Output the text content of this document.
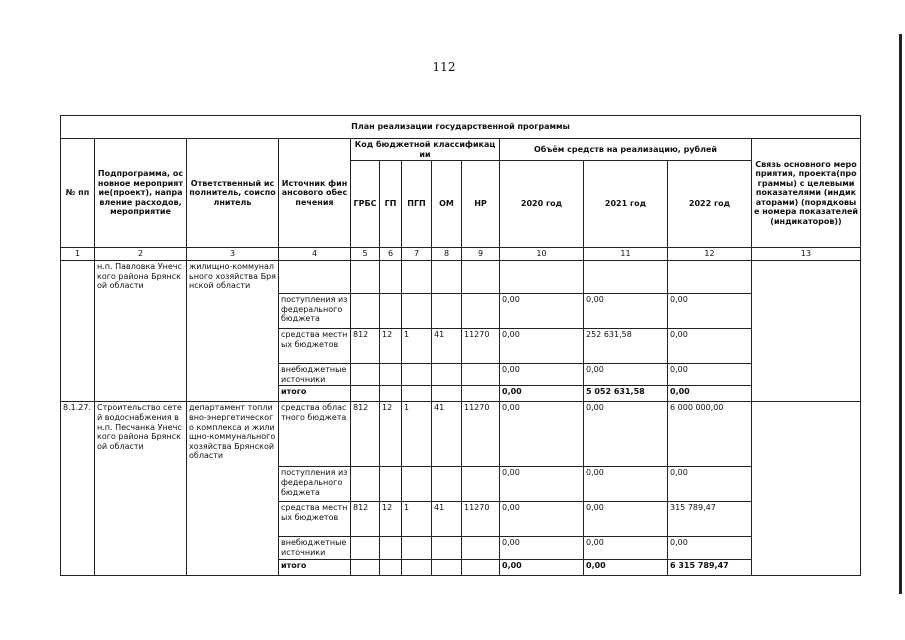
112
План реализации государственной программы												
№ пп	Подпрограмма, основное мероприятие(проект), направление расходов, мероприятие	Ответственный исполнитель, соисполнитель	Источник финансового обеспечения	Код бюджетной классификации					Объём средств на реализацию, рублей			Связь основного мероприятия, проекта(программы) с целевыми показателями (индикаторами) (порядковые номера показателей (индикаторов))
				ГРБС	ГП	ПГП	ОМ	НР	2020 год	2021 год	2022 год	
1	2	3	4	5	6	7	8	9	10	11	12	13
	н.п. Павловка Унечского района Брянской области	жилищно-коммунального хозяйства Брянской области										
			поступления из федерального бюджета						0,00	0,00	0,00	
			средства местных бюджетов	812	12	1	41	11270	0,00	252 631,58	0,00	
			внебюджетные источники						0,00	0,00	0,00	
			итого						0,00	5 052 631,58	0,00	
8.1.27.	Строительство сетей водоснабжения в н.п. Песчанка Унечского района Брянской области	департамент топливно-энергетического комплекса и жилищно-коммунального хозяйства Брянской области	средства областного бюджета	812	12	1	41	11270	0,00	0,00	6 000 000,00	
			поступления из федерального бюджета						0,00	0,00	0,00	
			средства местных бюджетов	812	12	1	41	11270	0,00	0,00	315 789,47	
			внебюджетные источники						0,00	0,00	0,00	
			итого						0,00	0,00	6 315 789,47	
